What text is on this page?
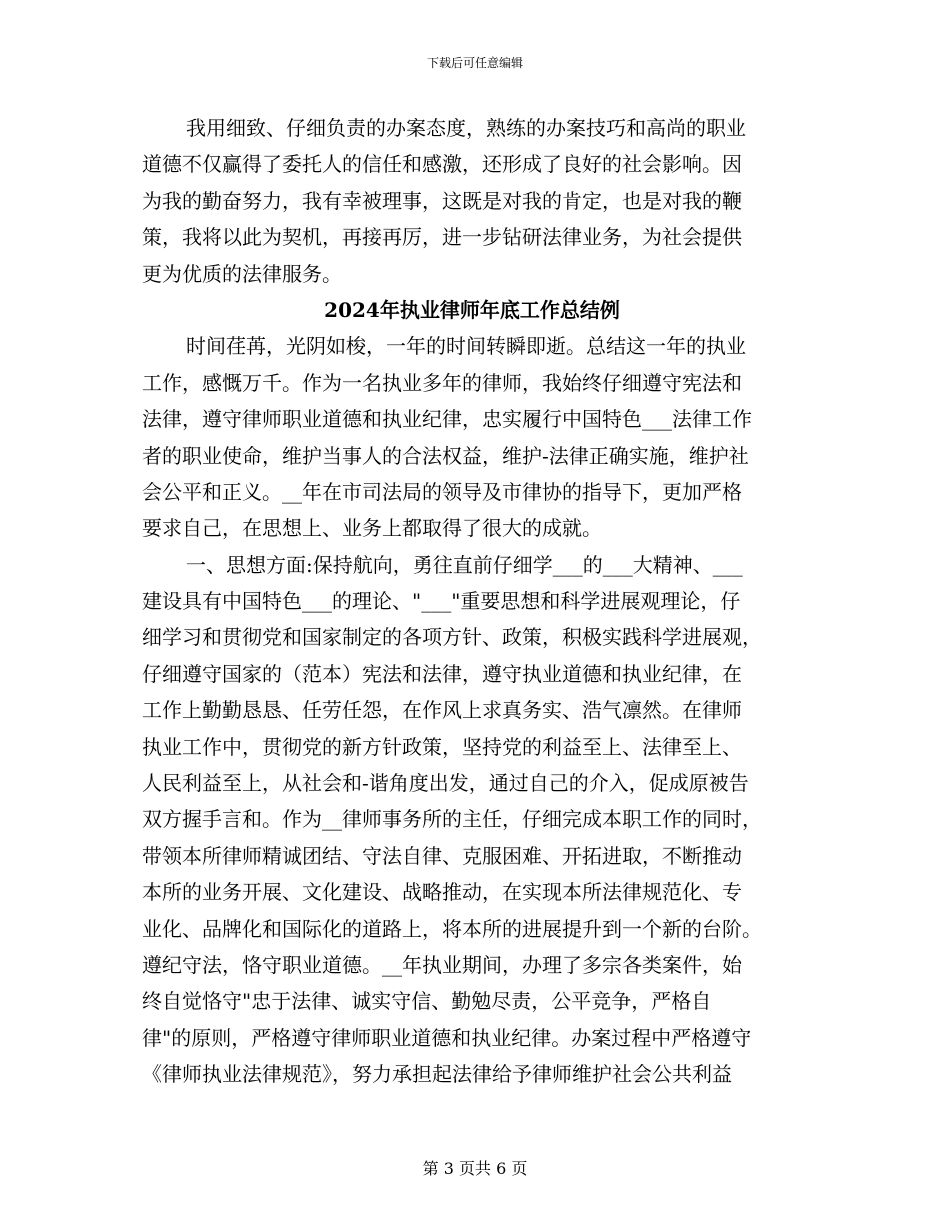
下载后可任意编辑
我用细致、仔细负责的办案态度，熟练的办案技巧和高尚的职业
道德不仅赢得了委托人的信任和感激，还形成了良好的社会影响。因
为我的勤奋努力，我有幸被理事，这既是对我的肯定，也是对我的鞭
策，我将以此为契机，再接再厉，进一步钻研法律业务，为社会提供
更为优质的法律服务。
2024年执业律师年底工作总结例
时间荏苒，光阴如梭，一年的时间转瞬即逝。总结这一年的执业
工作，感慨万千。作为一名执业多年的律师，我始终仔细遵守宪法和
法律，遵守律师职业道德和执业纪律，忠实履行中国特色___法律工作
者的职业使命，维护当事人的合法权益，维护-法律正确实施，维护社
会公平和正义。__年在市司法局的领导及市律协的指导下，更加严格
要求自己，在思想上、业务上都取得了很大的成就。
一、思想方面:保持航向，勇往直前仔细学___的___大精神、___
建设具有中国特色___的理论、"___"重要思想和科学进展观理论，仔
细学习和贯彻党和国家制定的各项方针、政策，积极实践科学进展观，
仔细遵守国家的（范本）宪法和法律，遵守执业道德和执业纪律，在
工作上勤勤恳恳、任劳任怨，在作风上求真务实、浩气凛然。在律师
执业工作中，贯彻党的新方针政策，坚持党的利益至上、法律至上、
人民利益至上，从社会和-谐角度出发，通过自己的介入，促成原被告
双方握手言和。作为__律师事务所的主任，仔细完成本职工作的同时，
带领本所律师精诚团结、守法自律、克服困难、开拓进取，不断推动
本所的业务开展、文化建设、战略推动，在实现本所法律规范化、专
业化、品牌化和国际化的道路上，将本所的进展提升到一个新的台阶。
遵纪守法，恪守职业道德。__年执业期间，办理了多宗各类案件，始
终自觉恪守"忠于法律、诚实守信、勤勉尽责，公平竞争，严格自
律"的原则，严格遵守律师职业道德和执业纪律。办案过程中严格遵守
《律师执业法律规范》，努力承担起法律给予律师维护社会公共利益
第 3 页共 6 页
